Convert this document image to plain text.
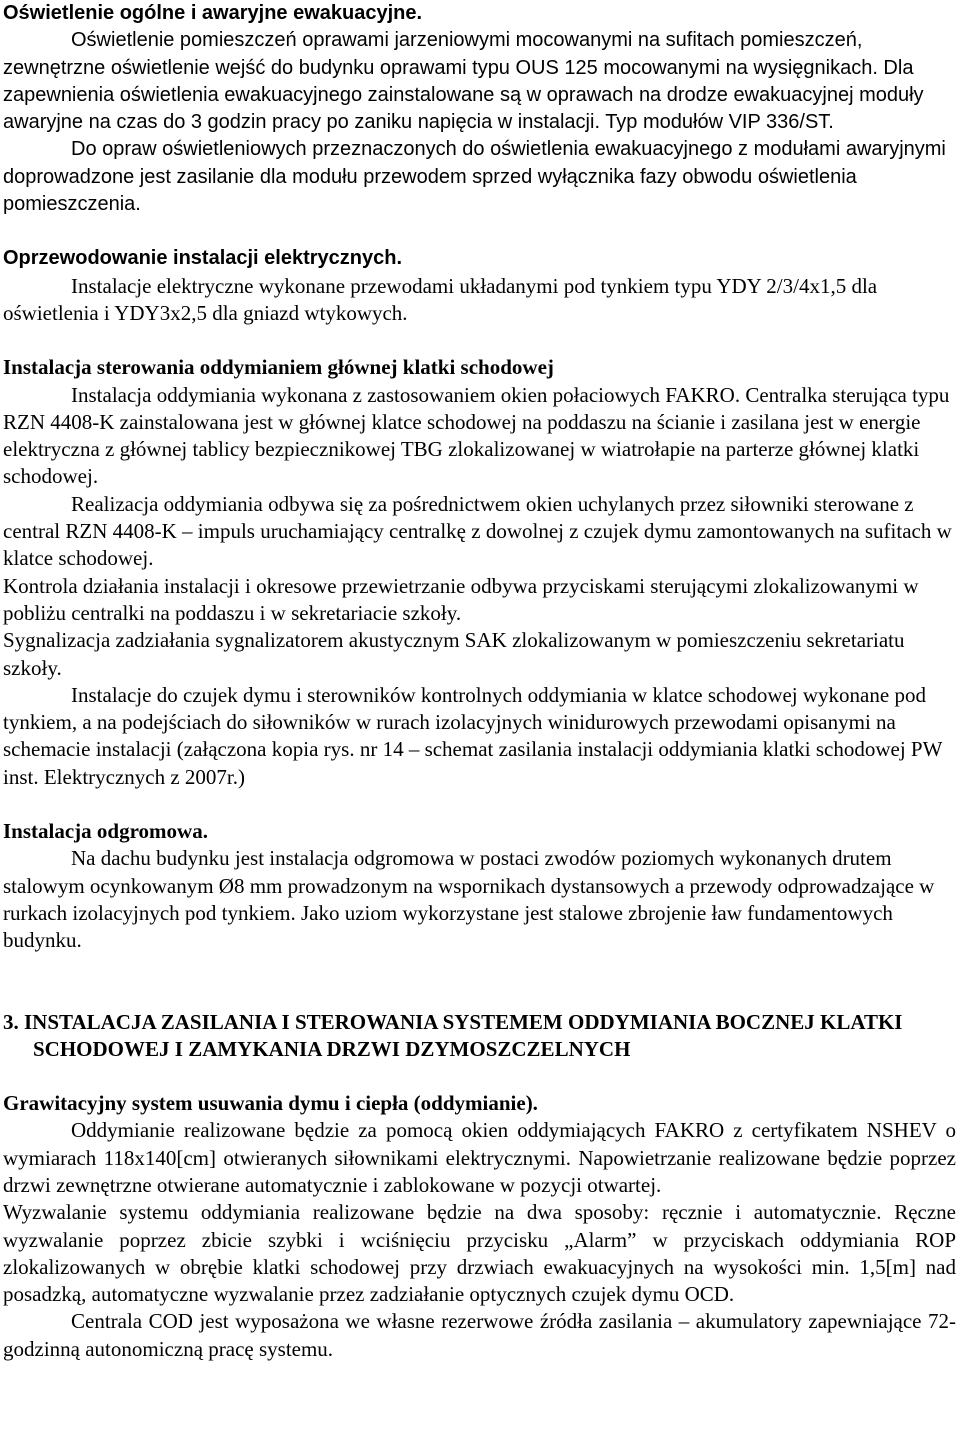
Oświetlenie ogólne i awaryjne ewakuacyjne.

Oświetlenie pomieszczeń oprawami jarzeniowymi mocowanymi na sufitach pomieszczeń, zewnętrzne oświetlenie wejść do budynku oprawami typu OUS 125 mocowanymi na wysięgnikach. Dla zapewnienia oświetlenia ewakuacyjnego zainstalowane są w oprawach na drodze ewakuacyjnej moduły awaryjne na czas do 3 godzin pracy po zaniku napięcia w instalacji. Typ modułów VIP 336/ST.

Do opraw oświetleniowych przeznaczonych do oświetlenia ewakuacyjnego z modułami awaryjnymi doprowadzone jest zasilanie dla modułu przewodem sprzed wyłącznika fazy obwodu oświetlenia pomieszczenia.

Oprzewodowanie instalacji elektrycznych.

Instalacje elektryczne wykonane przewodami układanymi pod tynkiem typu YDY 2/3/4x1,5 dla oświetlenia i YDY3x2,5 dla gniazd wtykowych.

Instalacja sterowania oddymianiem głównej klatki schodowej

Instalacja oddymiania wykonana z zastosowaniem okien połaciowych FAKRO. Centralka sterująca typu RZN 4408-K zainstalowana jest w głównej klatce schodowej na poddaszu na ścianie i zasilana jest w energie elektryczna z głównej tablicy bezpiecznikowej TBG zlokalizowanej w wiatrołapie na parterze głównej klatki schodowej.

Realizacja oddymiania odbywa się za pośrednictwem okien uchylanych przez siłowniki sterowane z central RZN 4408-K – impuls uruchamiający centralkę z dowolnej z czujek dymu zamontowanych na sufitach w klatce schodowej.

Kontrola działania instalacji i okresowe przewietrzanie odbywa przyciskami sterującymi zlokalizowanymi w pobliżu centralki na poddaszu i w sekretariacie szkoły.

Sygnalizacja zadziałania sygnalizatorem akustycznym SAK zlokalizowanym w pomieszczeniu sekretariatu szkoły.

Instalacje do czujek dymu i sterowników kontrolnych oddymiania w klatce schodowej wykonane pod tynkiem, a na podejściach do siłowników w rurach izolacyjnych winidurowych przewodami opisanymi na schemacie instalacji (załączona kopia rys. nr 14 – schemat zasilania instalacji oddymiania klatki schodowej PW inst. Elektrycznych z 2007r.)

Instalacja odgromowa.

Na dachu budynku jest instalacja odgromowa w postaci zwodów poziomych wykonanych drutem stalowym ocynkowanym Ø8 mm prowadzonym na wspornikach dystansowych a przewody odprowadzające w rurkach izolacyjnych pod tynkiem. Jako uziom wykorzystane jest stalowe zbrojenie ław fundamentowych budynku.

3. INSTALACJA ZASILANIA I STEROWANIA SYSTEMEM ODDYMIANIA BOCZNEJ KLATKI SCHODOWEJ I ZAMYKANIA DRZWI DZYMOSZCZELNYCH

Grawitacyjny system usuwania dymu i ciepła (oddymianie).

Oddymianie realizowane będzie za pomocą okien oddymiających FAKRO z certyfikatem NSHEV o wymiarach 118x140[cm] otwieranych siłownikami elektrycznymi. Napowietrzanie realizowane będzie poprzez drzwi zewnętrzne otwierane automatycznie i zablokowane w pozycji otwartej.

Wyzwalanie systemu oddymiania realizowane będzie na dwa sposoby: ręcznie i automatycznie. Ręczne wyzwalanie poprzez zbicie szybki i wciśnięciu przycisku „Alarm” w przyciskach oddymiania ROP zlokalizowanych w obrębie klatki schodowej przy drzwiach ewakuacyjnych na wysokości min. 1,5[m] nad posadzką, automatyczne wyzwalanie przez zadziałanie optycznych czujek dymu OCD.

Centrala COD jest wyposażona we własne rezerwowe źródła zasilania – akumulatory zapewniające 72-godzinną autonomiczną pracę systemu.
